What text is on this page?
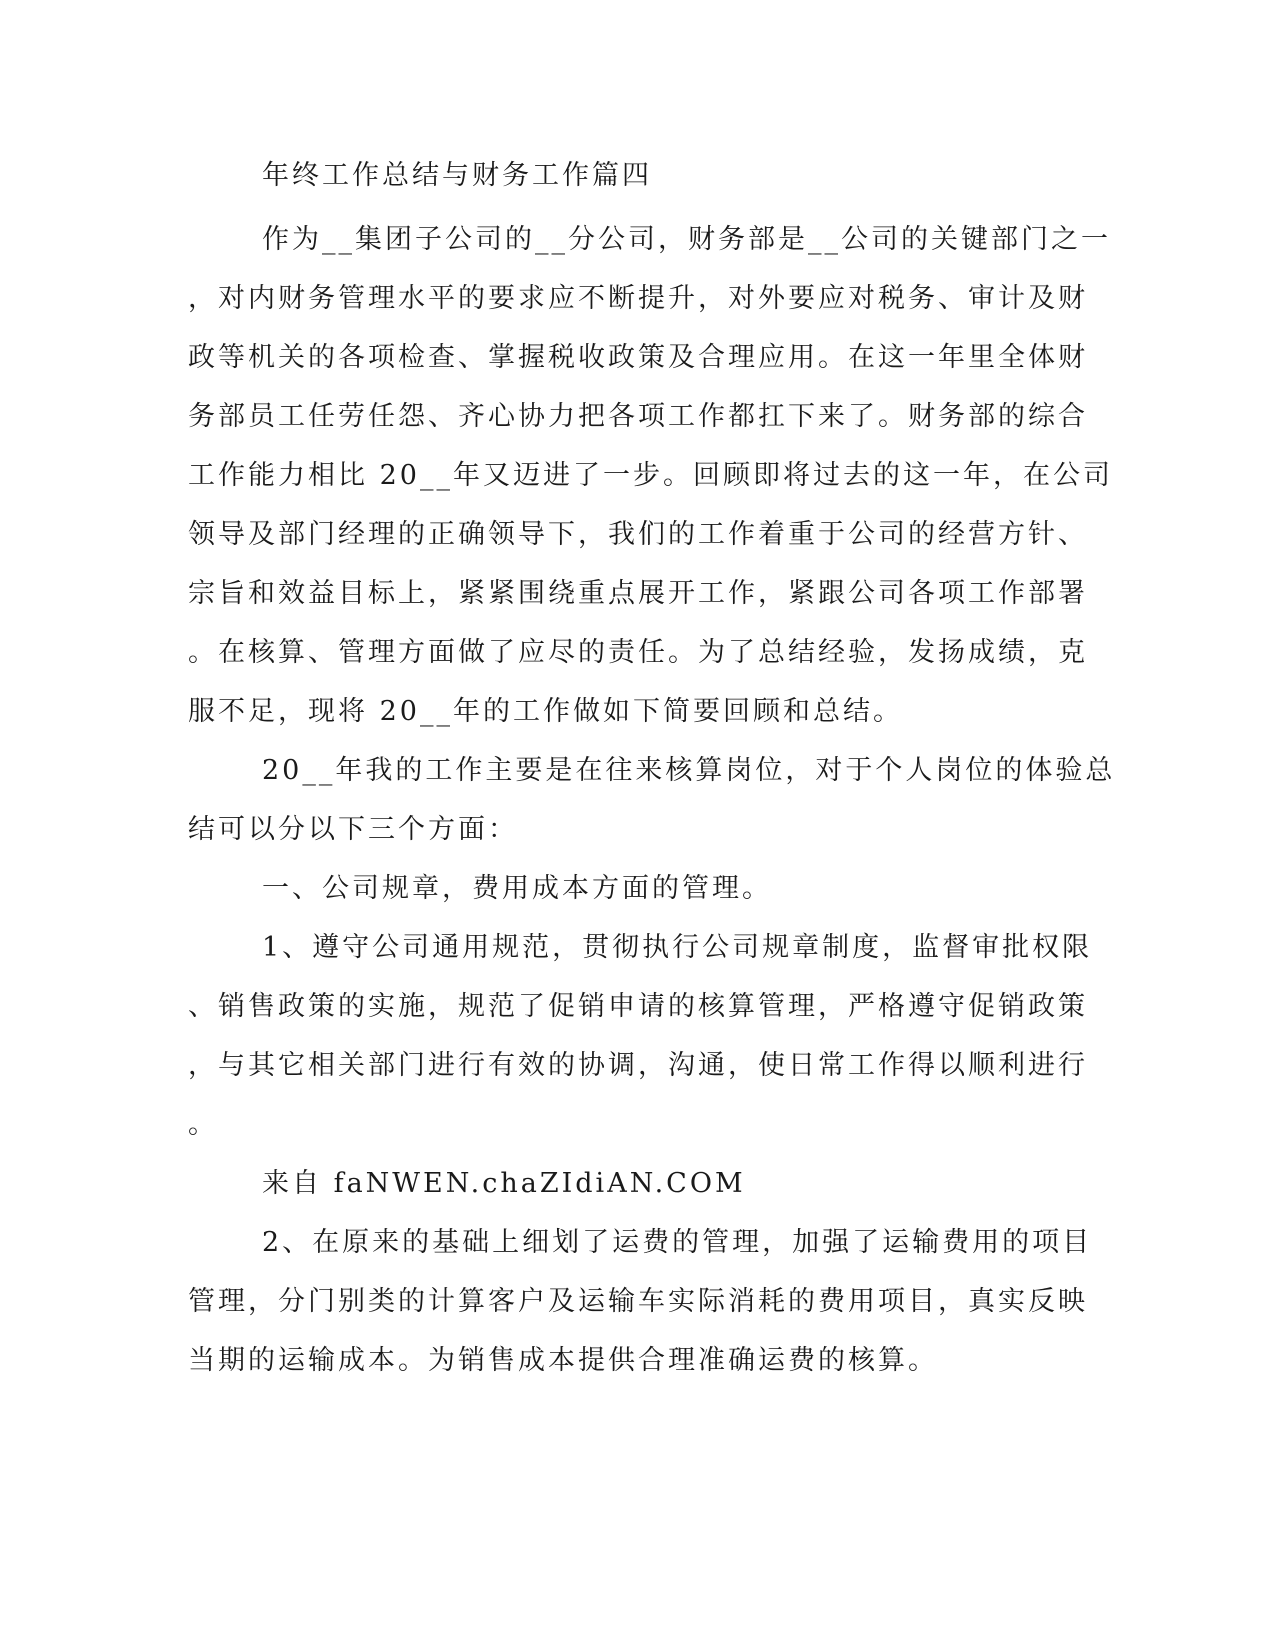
年终工作总结与财务工作篇四
作为__集团子公司的__分公司，财务部是__公司的关键部门之一
，对内财务管理水平的要求应不断提升，对外要应对税务、审计及财
政等机关的各项检查、掌握税收政策及合理应用。在这一年里全体财
务部员工任劳任怨、齐心协力把各项工作都扛下来了。财务部的综合
工作能力相比 20__年又迈进了一步。回顾即将过去的这一年，在公司
领导及部门经理的正确领导下，我们的工作着重于公司的经营方针、
宗旨和效益目标上，紧紧围绕重点展开工作，紧跟公司各项工作部署
。在核算、管理方面做了应尽的责任。为了总结经验，发扬成绩，克
服不足，现将 20__年的工作做如下简要回顾和总结。
20__年我的工作主要是在往来核算岗位，对于个人岗位的体验总
结可以分以下三个方面：
一、公司规章，费用成本方面的管理。
1、遵守公司通用规范，贯彻执行公司规章制度，监督审批权限
、销售政策的实施，规范了促销申请的核算管理，严格遵守促销政策
，与其它相关部门进行有效的协调，沟通，使日常工作得以顺利进行
。
来自 faNWEN.chaZIdiAN.COM
2、在原来的基础上细划了运费的管理，加强了运输费用的项目
管理，分门别类的计算客户及运输车实际消耗的费用项目，真实反映
当期的运输成本。为销售成本提供合理准确运费的核算。
